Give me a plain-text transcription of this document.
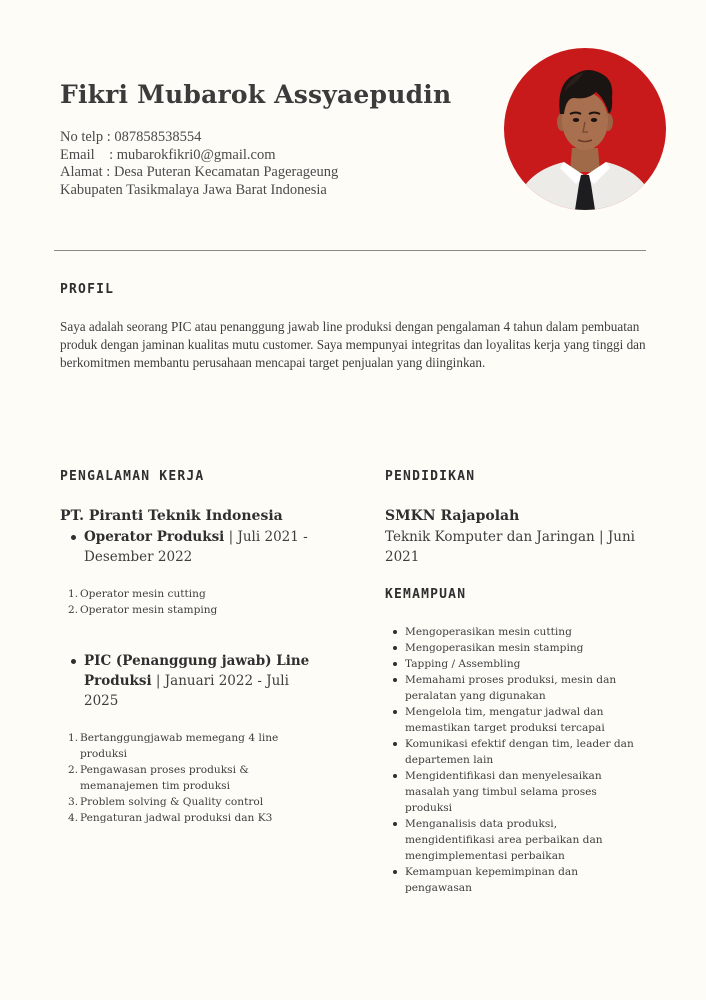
Fikri Mubarok Assyaepudin
No telp : 087858538554
Email    : mubarokfikri0@gmail.com
Alamat : Desa Puteran Kecamatan Pagerageung
Kabupaten Tasikmalaya Jawa Barat Indonesia
PROFIL
Saya adalah seorang PIC atau penanggung jawab line produksi dengan pengalaman 4 tahun dalam pembuatan produk dengan jaminan kualitas mutu customer. Saya mempunyai integritas dan loyalitas kerja yang tinggi dan berkomitmen membantu perusahaan mencapai target penjualan yang diinginkan.
PENGALAMAN KERJA
PT. Piranti Teknik Indonesia
Operator Produksi | Juli 2021 - Desember 2022
1. Operator mesin cutting
2. Operator mesin stamping
PIC (Penanggung jawab) Line Produksi | Januari 2022 - Juli 2025
1. Bertanggungjawab memegang 4 line produksi
2. Pengawasan proses produksi & memanajemen tim produksi
3. Problem solving & Quality control
4. Pengaturan jadwal produksi dan K3
PENDIDIKAN
SMKN Rajapolah
Teknik Komputer dan Jaringan | Juni 2021
KEMAMPUAN
Mengoperasikan mesin cutting
Mengoperasikan mesin stamping
Tapping / Assembling
Memahami proses produksi, mesin dan peralatan yang digunakan
Mengelola tim, mengatur jadwal dan memastikan target produksi tercapai
Komunikasi efektif dengan tim, leader dan departemen lain
Mengidentifikasi dan menyelesaikan masalah yang timbul selama proses produksi
Menganalisis data produksi, mengidentifikasi area perbaikan dan mengimplementasi perbaikan
Kemampuan kepemimpinan dan pengawasan
